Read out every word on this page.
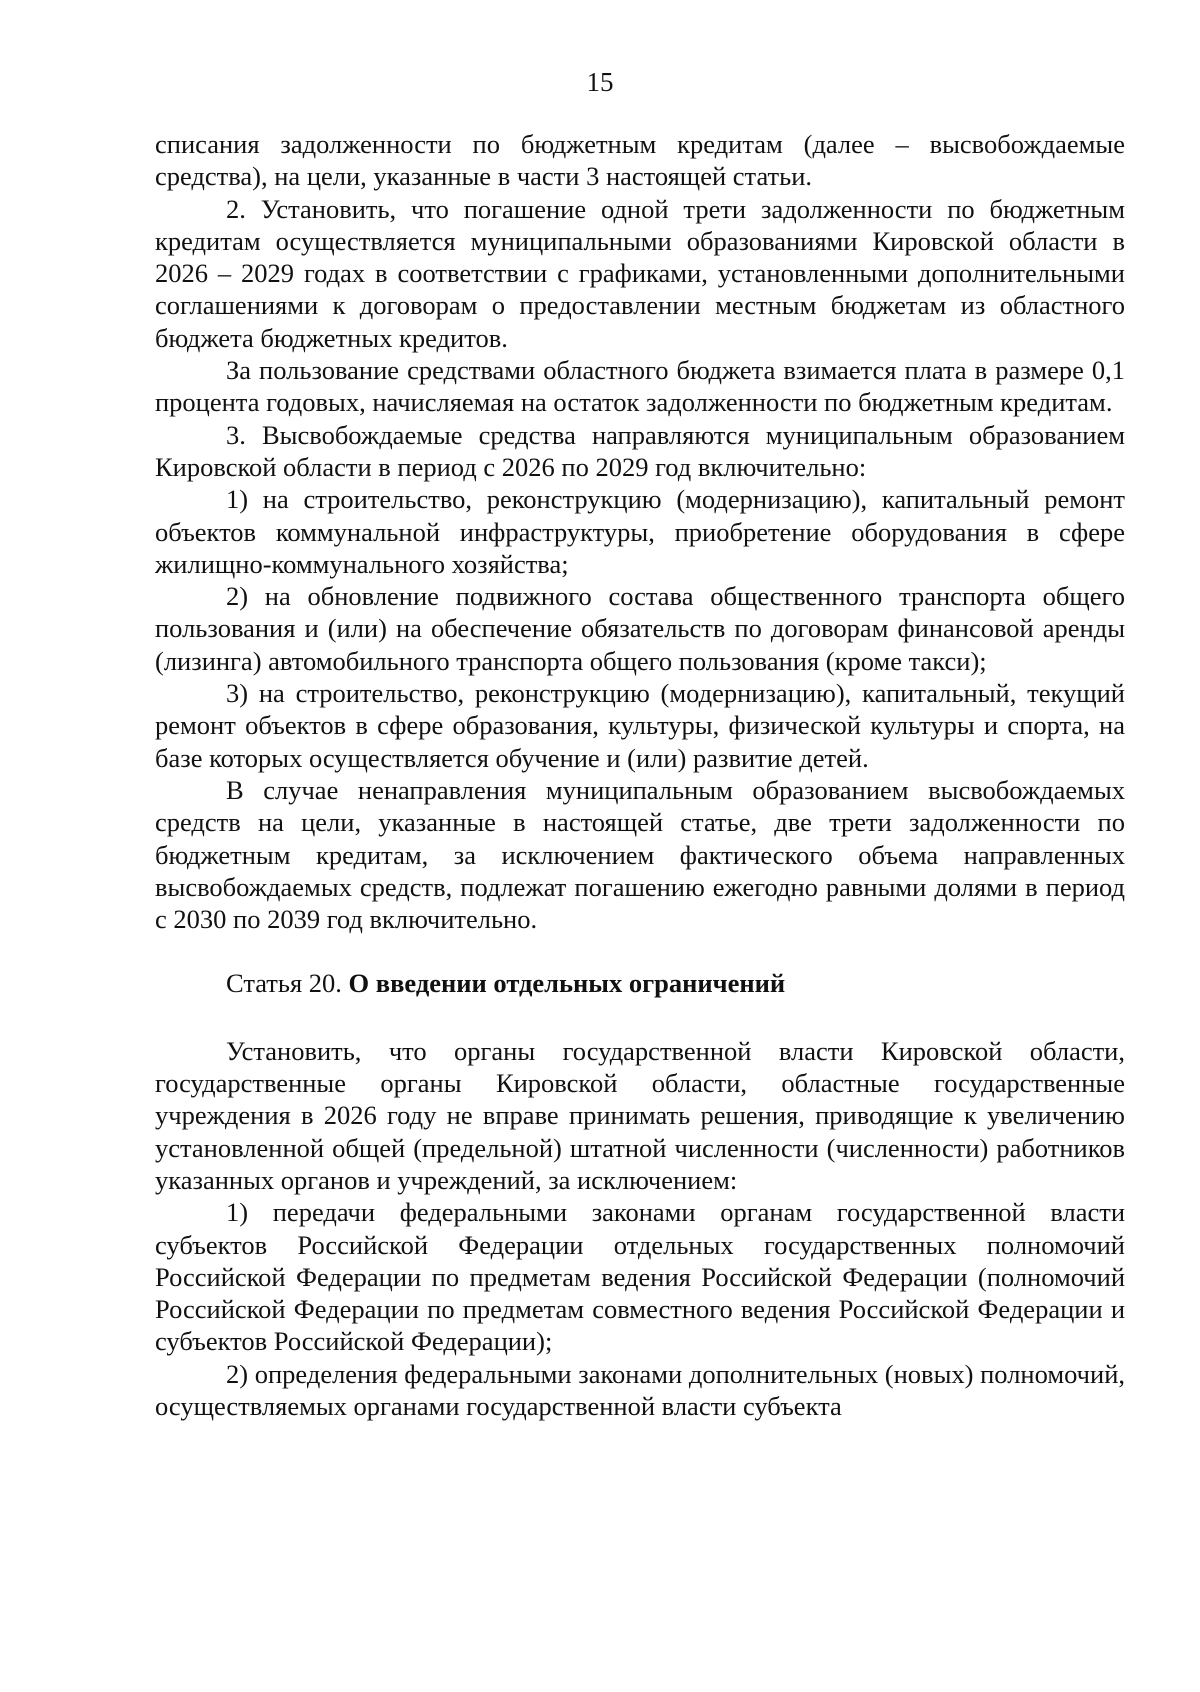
15

списания задолженности по бюджетным кредитам (далее – высвобождаемые средства), на цели, указанные в части 3 настоящей статьи.

2. Установить, что погашение одной трети задолженности по бюджетным кредитам осуществляется муниципальными образованиями Кировской области в 2026 – 2029 годах в соответствии с графиками, установленными дополнительными соглашениями к договорам о предоставлении местным бюджетам из областного бюджета бюджетных кредитов.

За пользование средствами областного бюджета взимается плата в размере 0,1 процента годовых, начисляемая на остаток задолженности по бюджетным кредитам.

3. Высвобождаемые средства направляются муниципальным образованием Кировской области в период с 2026 по 2029 год включительно:

1) на строительство, реконструкцию (модернизацию), капитальный ремонт объектов коммунальной инфраструктуры, приобретение оборудования в сфере жилищно-коммунального хозяйства;

2) на обновление подвижного состава общественного транспорта общего пользования и (или) на обеспечение обязательств по договорам финансовой аренды (лизинга) автомобильного транспорта общего пользования (кроме такси);

3) на строительство, реконструкцию (модернизацию), капитальный, текущий ремонт объектов в сфере образования, культуры, физической культуры и спорта, на базе которых осуществляется обучение и (или) развитие детей.

В случае ненаправления муниципальным образованием высвобождаемых средств на цели, указанные в настоящей статье, две трети задолженности по бюджетным кредитам, за исключением фактического объема направленных высвобождаемых средств, подлежат погашению ежегодно равными долями в период с 2030 по 2039 год включительно.

Статья 20. О введении отдельных ограничений

Установить, что органы государственной власти Кировской области, государственные органы Кировской области, областные государственные учреждения в 2026 году не вправе принимать решения, приводящие к увеличению установленной общей (предельной) штатной численности (численности) работников указанных органов и учреждений, за исключением:

1) передачи федеральными законами органам государственной власти субъектов Российской Федерации отдельных государственных полномочий Российской Федерации по предметам ведения Российской Федерации (полномочий Российской Федерации по предметам совместного ведения Российской Федерации и субъектов Российской Федерации);

2) определения федеральными законами дополнительных (новых) полномочий, осуществляемых органами государственной власти субъекта
